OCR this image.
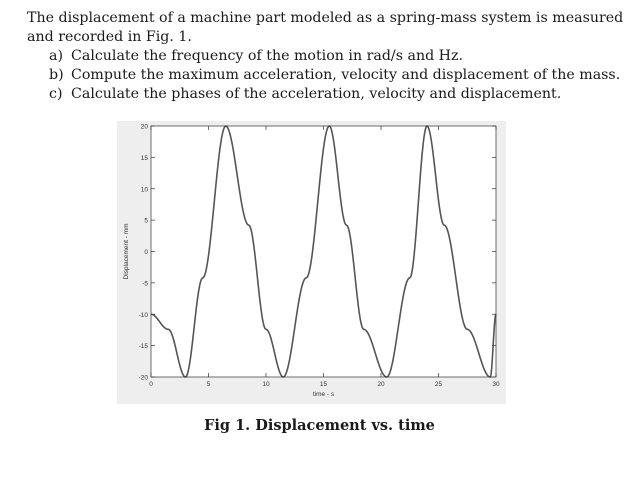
The displacement of a machine part modeled as a spring-mass system is measured and recorded in Fig. 1.

a) Calculate the frequency of the motion in rad/s and Hz.
b) Compute the maximum acceleration, velocity and displacement of the mass.
c) Calculate the phases of the acceleration, velocity and displacement.
20
15
10
5
0
-5
-10
-15
-20
0	5	10	15	20	25	30
time - s
Displacement - mm
Fig 1. Displacement vs. time
